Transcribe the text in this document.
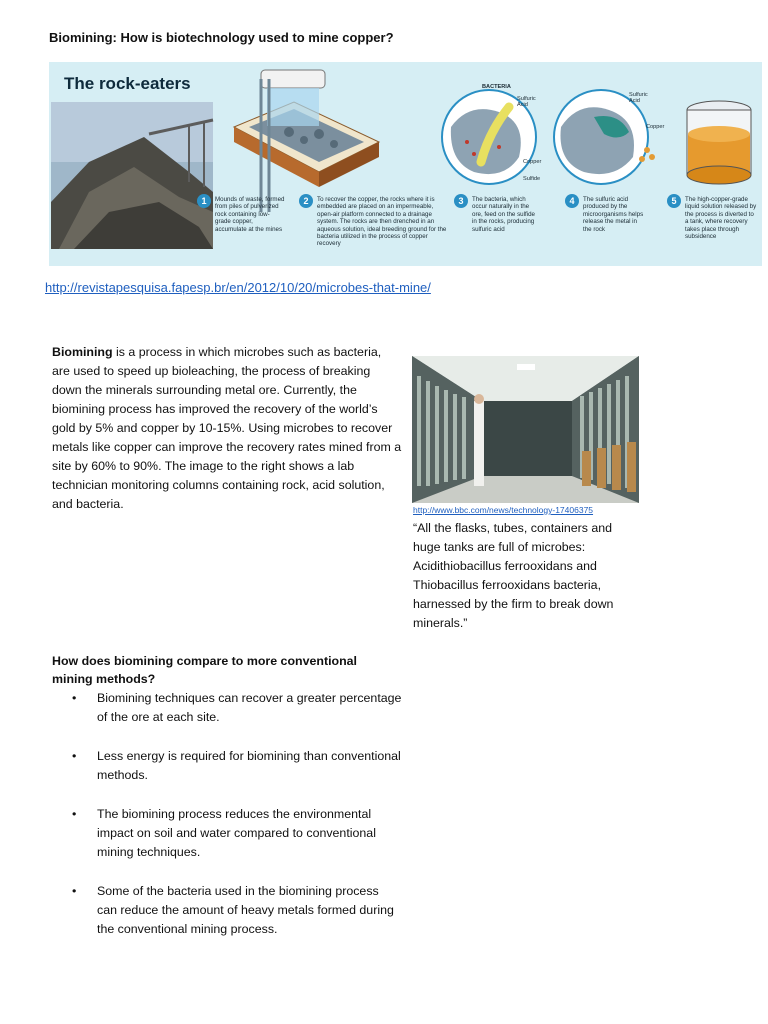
Biomining: How is biotechnology used to mine copper?
The rock-eaters	BACTERIA
Sulfuric Acid
Copper
Sulfide
Sulfuric Acid
Copper
1	Mounds of waste, formed from piles of pulverized rock containing low-grade copper, accumulate at the mines
2	To recover the copper, the rocks where it is embedded are placed on an impermeable, open-air platform connected to a drainage system. The rocks are then drenched in an aqueous solution, ideal breeding ground for the bacteria utilized in the process of copper recovery
3	The bacteria, which occur naturally in the ore, feed on the sulfide in the rocks, producing sulfuric acid
4	The sulfuric acid produced by the microorganisms helps release the metal in the rock
5	The high-copper-grade liquid solution released by the process is diverted to a tank, where recovery takes place through subsidence
http://revistapesquisa.fapesp.br/en/2012/10/20/microbes-that-mine/
Biomining is a process in which microbes such as bacteria, are used to speed up bioleaching, the process of breaking down the minerals surrounding metal ore. Currently, the biomining process has improved the recovery of the world’s gold by 5% and copper by 10-15%. Using microbes to recover metals like copper can improve the recovery rates mined from a site by 60% to 90%. The image to the right shows a lab technician monitoring columns containing rock, acid solution, and bacteria.	http://www.bbc.com/news/technology-17406375
“All the flasks, tubes, containers and huge tanks are full of microbes: Acidithiobacillus ferrooxidans and Thiobacillus ferrooxidans bacteria, harnessed by the firm to break down minerals.”
How does biomining compare to more conventional mining methods?
• Biomining techniques can recover a greater percentage of the ore at each site.
• Less energy is required for biomining than conventional methods.
• The biomining process reduces the environmental impact on soil and water compared to conventional mining techniques.
• Some of the bacteria used in the biomining process can reduce the amount of heavy metals formed during the conventional mining process.
